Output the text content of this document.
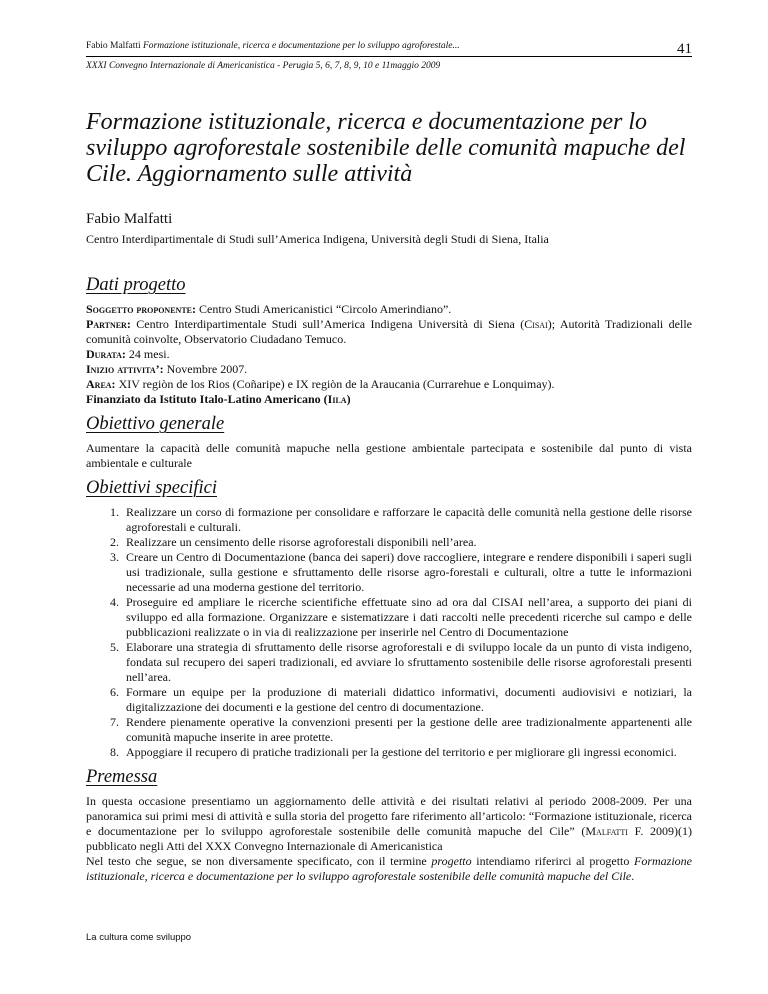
Fabio Malfatti Formazione istituzionale, ricerca e documentazione per lo sviluppo agroforestale...	41
XXXI Convegno Internazionale di Americanistica - Perugia 5, 6, 7, 8, 9, 10 e 11maggio 2009
Formazione istituzionale, ricerca e documentazione per lo sviluppo agroforestale sostenibile delle comunità mapuche del Cile. Aggiornamento sulle attività
Fabio Malfatti
Centro Interdipartimentale di Studi sull’America Indigena, Università degli Studi di Siena, Italia
Dati progetto
Soggetto proponente: Centro Studi Americanistici “Circolo Amerindiano”.
Partner: Centro Interdipartimentale Studi sull’America Indigena Università di Siena (Cisai); Autorità Tradizionali delle comunità coinvolte, Observatorio Ciudadano Temuco.
Durata: 24 mesi.
Inizio attivita’: Novembre 2007.
Area: XIV regiòn de los Rios (Coñaripe) e IX regiòn de la Araucania (Currarehue e Lonquimay).
Finanziato da Istituto Italo-Latino Americano (Iila)
Obiettivo generale
Aumentare la capacità delle comunità mapuche nella gestione ambientale partecipata e sostenibile dal punto di vista ambientale e culturale
Obiettivi specifici
1. Realizzare un corso di formazione per consolidare e rafforzare le capacità delle comunità nella gestione delle risorse agroforestali e culturali.
2. Realizzare un censimento delle risorse agroforestali disponibili nell’area.
3. Creare un Centro di Documentazione (banca dei saperi) dove raccogliere, integrare e rendere disponibili i saperi sugli usi tradizionale, sulla gestione e sfruttamento delle risorse agro-forestali e culturali, oltre a tutte le informazioni necessarie ad una moderna gestione del territorio.
4. Proseguire ed ampliare le ricerche scientifiche effettuate sino ad ora dal CISAI nell’area, a supporto dei piani di sviluppo ed alla formazione. Organizzare e sistematizzare i dati raccolti nelle precedenti ricerche sul campo e delle pubblicazioni realizzate o in via di realizzazione per inserirle nel Centro di Documentazione
5. Elaborare una strategia di sfruttamento delle risorse agroforestali e di sviluppo locale da un punto di vista indigeno, fondata sul recupero dei saperi tradizionali, ed avviare lo sfruttamento sostenibile delle risorse agroforestali presenti nell’area.
6. Formare un equipe per la produzione di materiali didattico informativi, documenti audiovisivi e notiziari, la digitalizzazione dei documenti e la gestione del centro di documentazione.
7. Rendere pienamente operative la convenzioni presenti per la gestione delle aree tradizionalmente appartenenti alle comunità mapuche inserite in aree protette.
8. Appoggiare il recupero di pratiche tradizionali per la gestione del territorio e per migliorare gli ingressi economici.
Premessa
In questa occasione presentiamo un aggiornamento delle attività e dei risultati relativi al periodo 2008-2009. Per una panoramica sui primi mesi di attività e sulla storia del progetto fare riferimento all’articolo: “Formazione istituzionale, ricerca e documentazione per lo sviluppo agroforestale sostenibile delle comunità mapuche del Cile” (Malfatti F. 2009)(1) pubblicato negli Atti del XXX Convegno Internazionale di Americanistica
Nel testo che segue, se non diversamente specificato, con il termine progetto intendiamo riferirci al progetto Formazione istituzionale, ricerca e documentazione per lo sviluppo agroforestale sostenibile delle comunità mapuche del Cile.
La cultura come sviluppo
